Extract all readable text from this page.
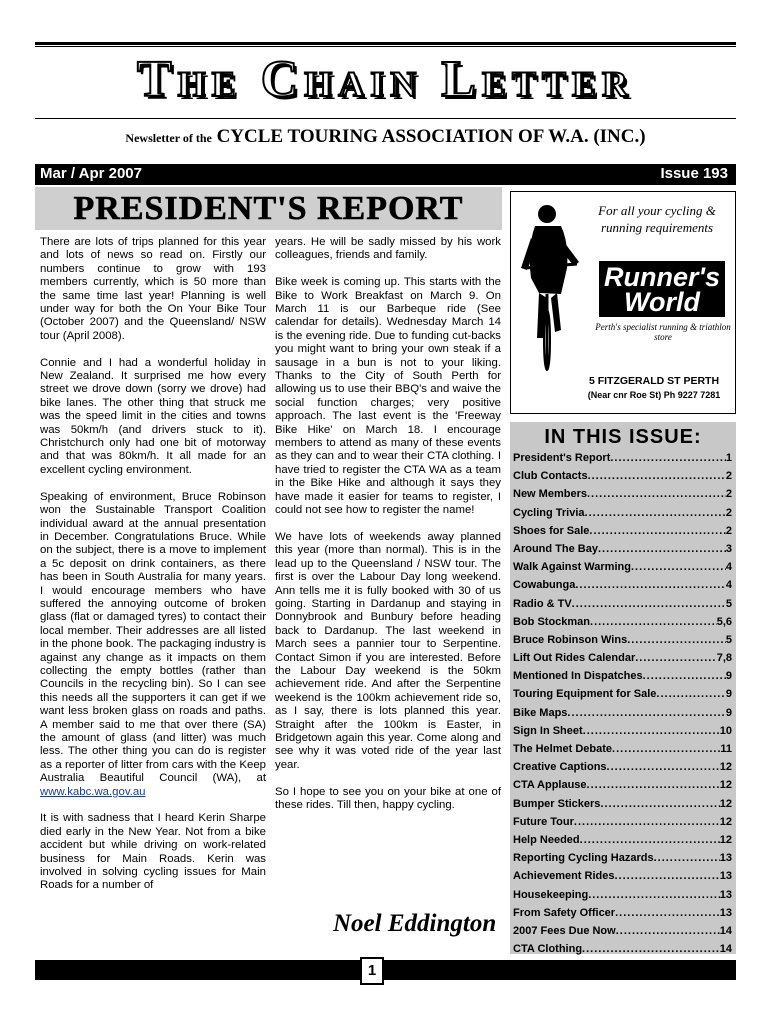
The Chain Letter
Newsletter of the CYCLE TOURING ASSOCIATION OF W.A. (INC.)
Mar / Apr 2007	Issue 193
PRESIDENT'S REPORT

There are lots of trips planned for this year and lots of news so read on. Firstly our numbers continue to grow with 193 members currently, which is 50 more than the same time last year! Planning is well under way for both the On Your Bike Tour (October 2007) and the Queensland/ NSW tour (April 2008).

Connie and I had a wonderful holiday in New Zealand. It surprised me how every street we drove down (sorry we drove) had bike lanes. The other thing that struck me was the speed limit in the cities and towns was 50km/h (and drivers stuck to it). Christchurch only had one bit of motorway and that was 80km/h. It all made for an excellent cycling environment.

Speaking of environment, Bruce Robinson won the Sustainable Transport Coalition individual award at the annual presentation in December. Congratulations Bruce. While on the subject, there is a move to implement a 5c deposit on drink containers, as there has been in South Australia for many years. I would encourage members who have suffered the annoying outcome of broken glass (flat or damaged tyres) to contact their local member. Their addresses are all listed in the phone book. The packaging industry is against any change as it impacts on them collecting the empty bottles (rather than Councils in the recycling bin). So I can see this needs all the supporters it can get if we want less broken glass on roads and paths. A member said to me that over there (SA) the amount of glass (and litter) was much less. The other thing you can do is register as a reporter of litter from cars with the Keep Australia Beautiful Council (WA), at www.kabc.wa.gov.au

It is with sadness that I heard Kerin Sharpe died early in the New Year. Not from a bike accident but while driving on work-related business for Main Roads. Kerin was involved in solving cycling issues for Main Roads for a number of

years. He will be sadly missed by his work colleagues, friends and family.

Bike week is coming up. This starts with the Bike to Work Breakfast on March 9. On March 11 is our Barbeque ride (See calendar for details). Wednesday March 14 is the evening ride. Due to funding cut-backs you might want to bring your own steak if a sausage in a bun is not to your liking. Thanks to the City of South Perth for allowing us to use their BBQ's and waive the social function charges; very positive approach. The last event is the 'Freeway Bike Hike' on March 18. I encourage members to attend as many of these events as they can and to wear their CTA clothing. I have tried to register the CTA WA as a team in the Bike Hike and although it says they have made it easier for teams to register, I could not see how to register the name!

We have lots of weekends away planned this year (more than normal). This is in the lead up to the Queensland / NSW tour. The first is over the Labour Day long weekend. Ann tells me it is fully booked with 30 of us going. Starting in Dardanup and staying in Donnybrook and Bunbury before heading back to Dardanup. The last weekend in March sees a pannier tour to Serpentine. Contact Simon if you are interested. Before the Labour Day weekend is the 50km achievement ride. And after the Serpentine weekend is the 100km achievement ride so, as I say, there is lots planned this year. Straight after the 100km is Easter, in Bridgetown again this year. Come along and see why it was voted ride of the year last year.

So I hope to see you on your bike at one of these rides. Till then, happy cycling.

Noel Eddington
For all your cycling & running requirements
Runner's
World
Perth's specialist running & triathlon store
5 FITZGERALD ST PERTH
(Near cnr Roe St) Ph 9227 7281
IN THIS ISSUE:
President's Report .....	1
Club Contacts .....	2
New Members .....	2
Cycling Trivia .....	2
Shoes for Sale .....	2
Around The Bay .....	3
Walk Against Warming .....	4
Cowabunga .....	4
Radio & TV .....	5
Bob Stockman .....	5,6
Bruce Robinson Wins .....	5
Lift Out Rides Calendar .....	7,8
Mentioned In Dispatches .....	9
Touring Equipment for Sale .....	9
Bike Maps .....	9
Sign In Sheet .....	10
The Helmet Debate .....	11
Creative Captions .....	12
CTA Applause .....	12
Bumper Stickers .....	12
Future Tour .....	12
Help Needed .....	12
Reporting Cycling Hazards .....	13
Achievement Rides .....	13
Housekeeping .....	13
From Safety Officer .....	13
2007 Fees Due Now .....	14
CTA Clothing .....	14
1
